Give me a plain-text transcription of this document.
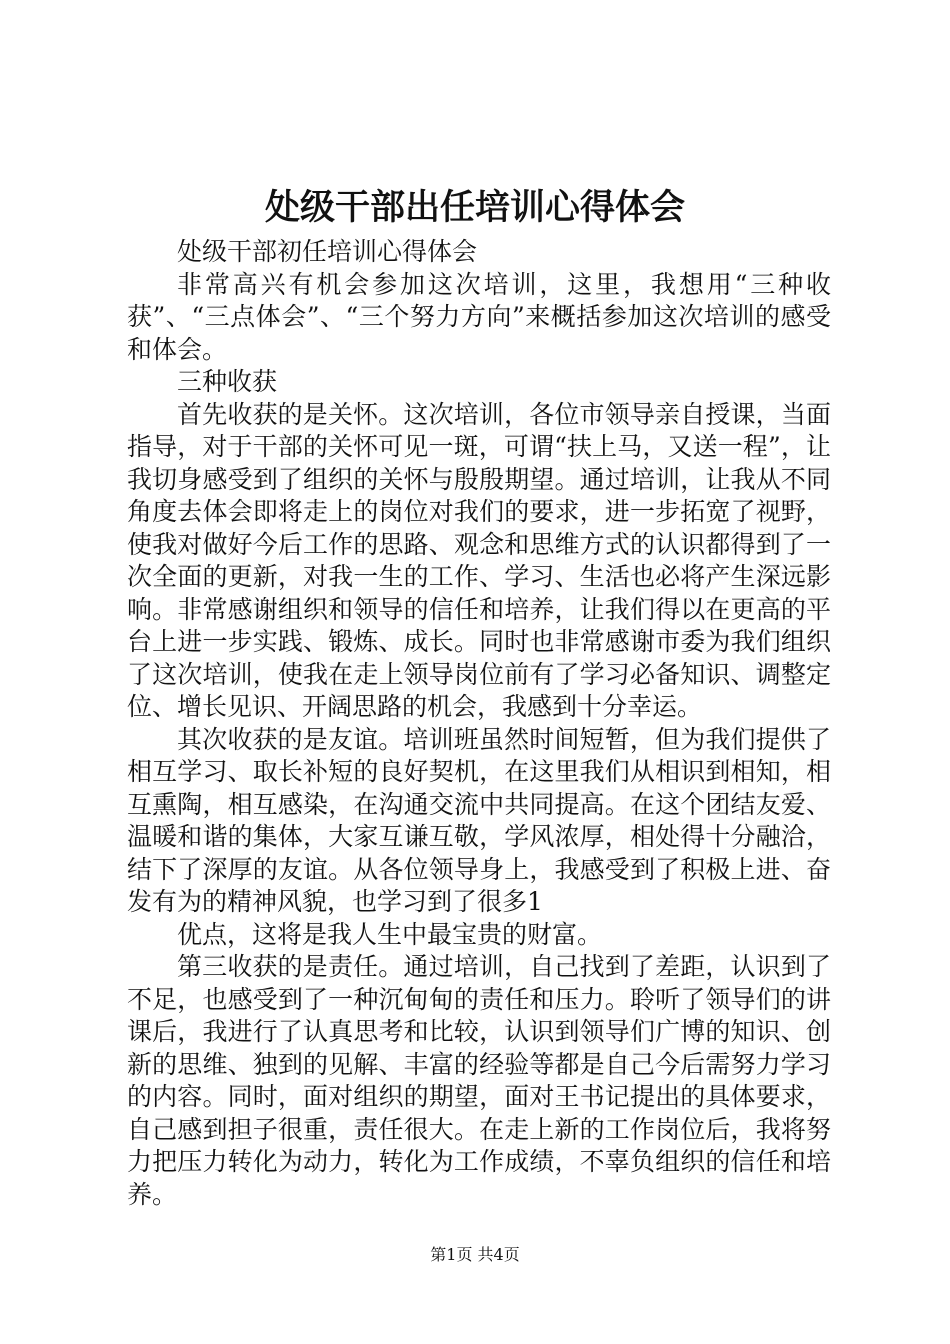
处级干部出任培训心得体会

处级干部初任培训心得体会

非常高兴有机会参加这次培训，这里，我想用“三种收获”、“三点体会”、“三个努力方向”来概括参加这次培训的感受和体会。

三种收获

首先收获的是关怀。这次培训，各位市领导亲自授课，当面指导，对于干部的关怀可见一斑，可谓“扶上马，又送一程”，让我切身感受到了组织的关怀与殷殷期望。通过培训，让我从不同角度去体会即将走上的岗位对我们的要求，进一步拓宽了视野，使我对做好今后工作的思路、观念和思维方式的认识都得到了一次全面的更新，对我一生的工作、学习、生活也必将产生深远影响。非常感谢组织和领导的信任和培养，让我们得以在更高的平台上进一步实践、锻炼、成长。同时也非常感谢市委为我们组织了这次培训，使我在走上领导岗位前有了学习必备知识、调整定位、增长见识、开阔思路的机会，我感到十分幸运。

其次收获的是友谊。培训班虽然时间短暂，但为我们提供了相互学习、取长补短的良好契机，在这里我们从相识到相知，相互熏陶，相互感染，在沟通交流中共同提高。在这个团结友爱、温暖和谐的集体，大家互谦互敬，学风浓厚，相处得十分融洽，结下了深厚的友谊。从各位领导身上，我感受到了积极上进、奋发有为的精神风貌，也学习到了很多1

优点，这将是我人生中最宝贵的财富。

第三收获的是责任。通过培训，自己找到了差距，认识到了不足，也感受到了一种沉甸甸的责任和压力。聆听了领导们的讲课后，我进行了认真思考和比较，认识到领导们广博的知识、创新的思维、独到的见解、丰富的经验等都是自己今后需努力学习的内容。同时，面对组织的期望，面对王书记提出的具体要求，自己感到担子很重，责任很大。在走上新的工作岗位后，我将努力把压力转化为动力，转化为工作成绩，不辜负组织的信任和培养。

第1页 共4页
